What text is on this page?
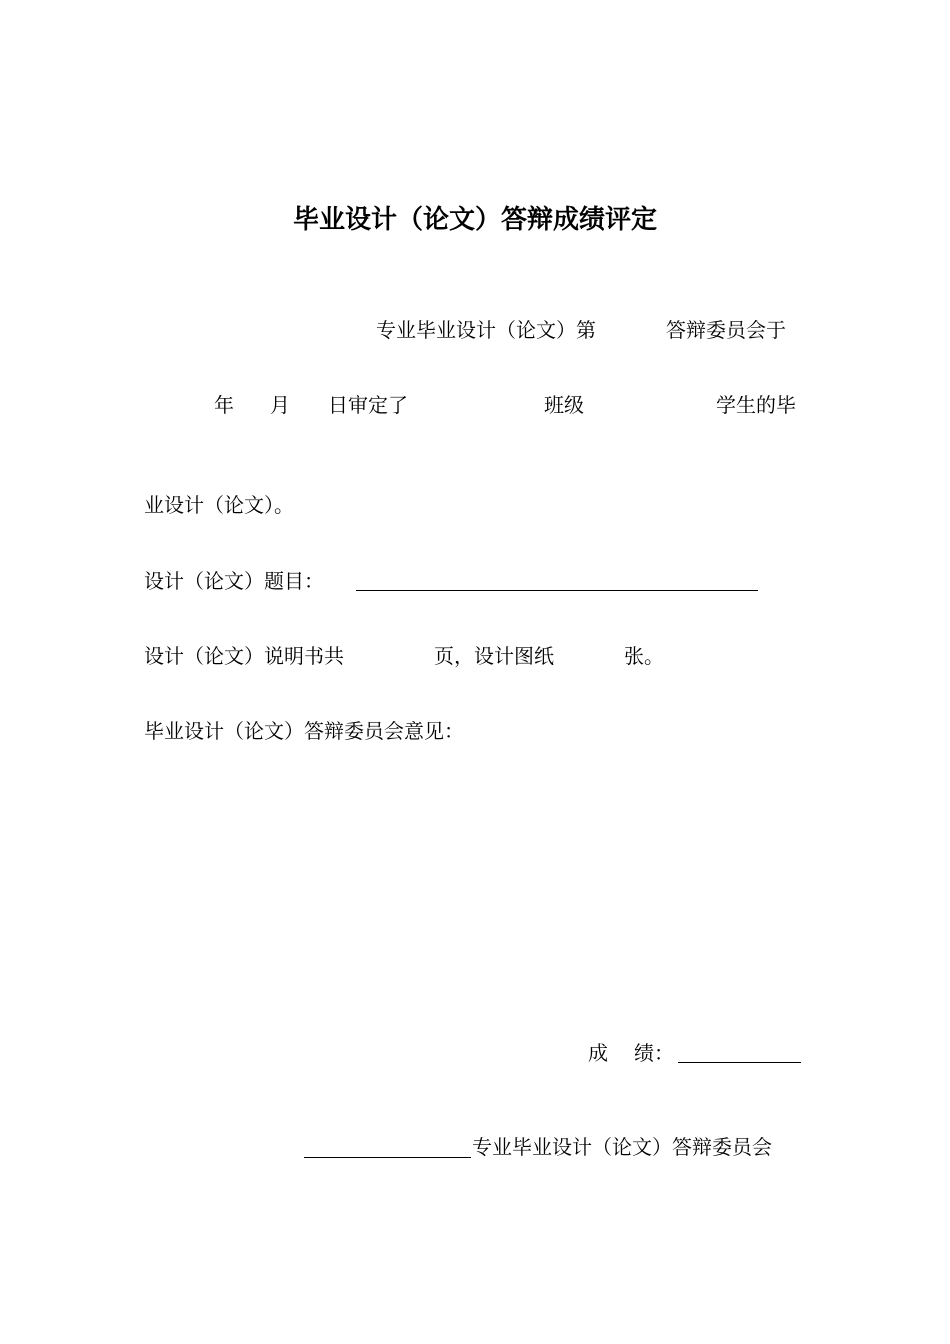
毕业设计（论文）答辩成绩评定
专业毕业设计（论文）第	答辩委员会于
年 月 日审定了	班级	学生的毕
业设计（论文）。
设计（论文）题目：
设计（论文）说明书共	页，设计图纸	张。
毕业设计（论文）答辩委员会意见：
成 绩：
专业毕业设计（论文）答辩委员会
